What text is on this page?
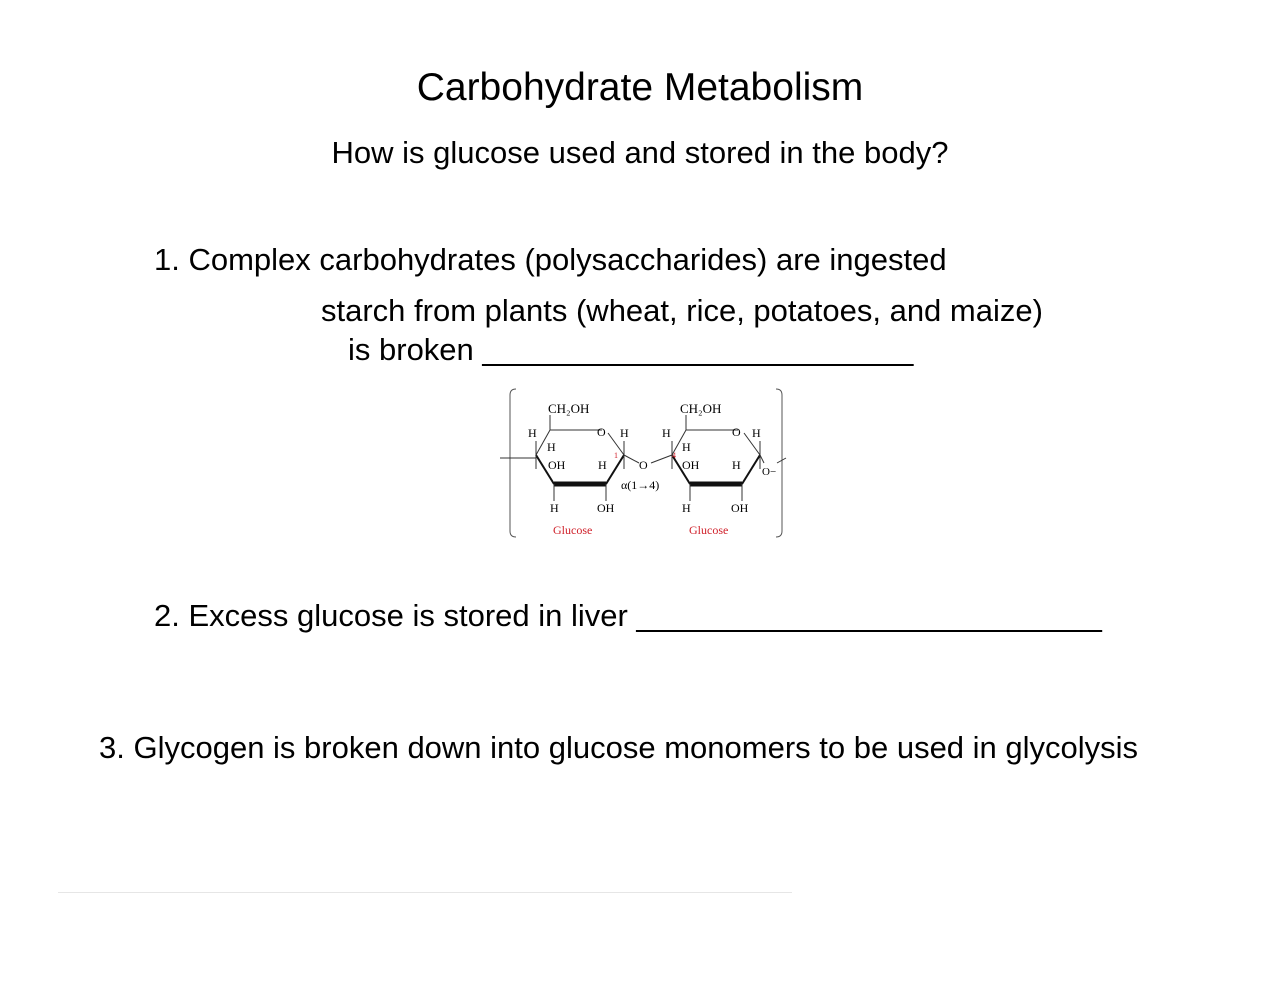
Carbohydrate Metabolism
How is glucose used and stored in the body?
1. Complex carbohydrates (polysaccharides) are ingested
starch from plants (wheat, rice, potatoes, and maize)
is broken _________________________
CH₂OH
O
H
H
H
OH	H
1
H	OH
Glucose
O
α(1→4)
CH₂OH
O
H
H
H
OH	H
4
H	OH
Glucose
O−
2. Excess glucose is stored in liver ___________________________
3. Glycogen is broken down into glucose monomers to be used in glycolysis
